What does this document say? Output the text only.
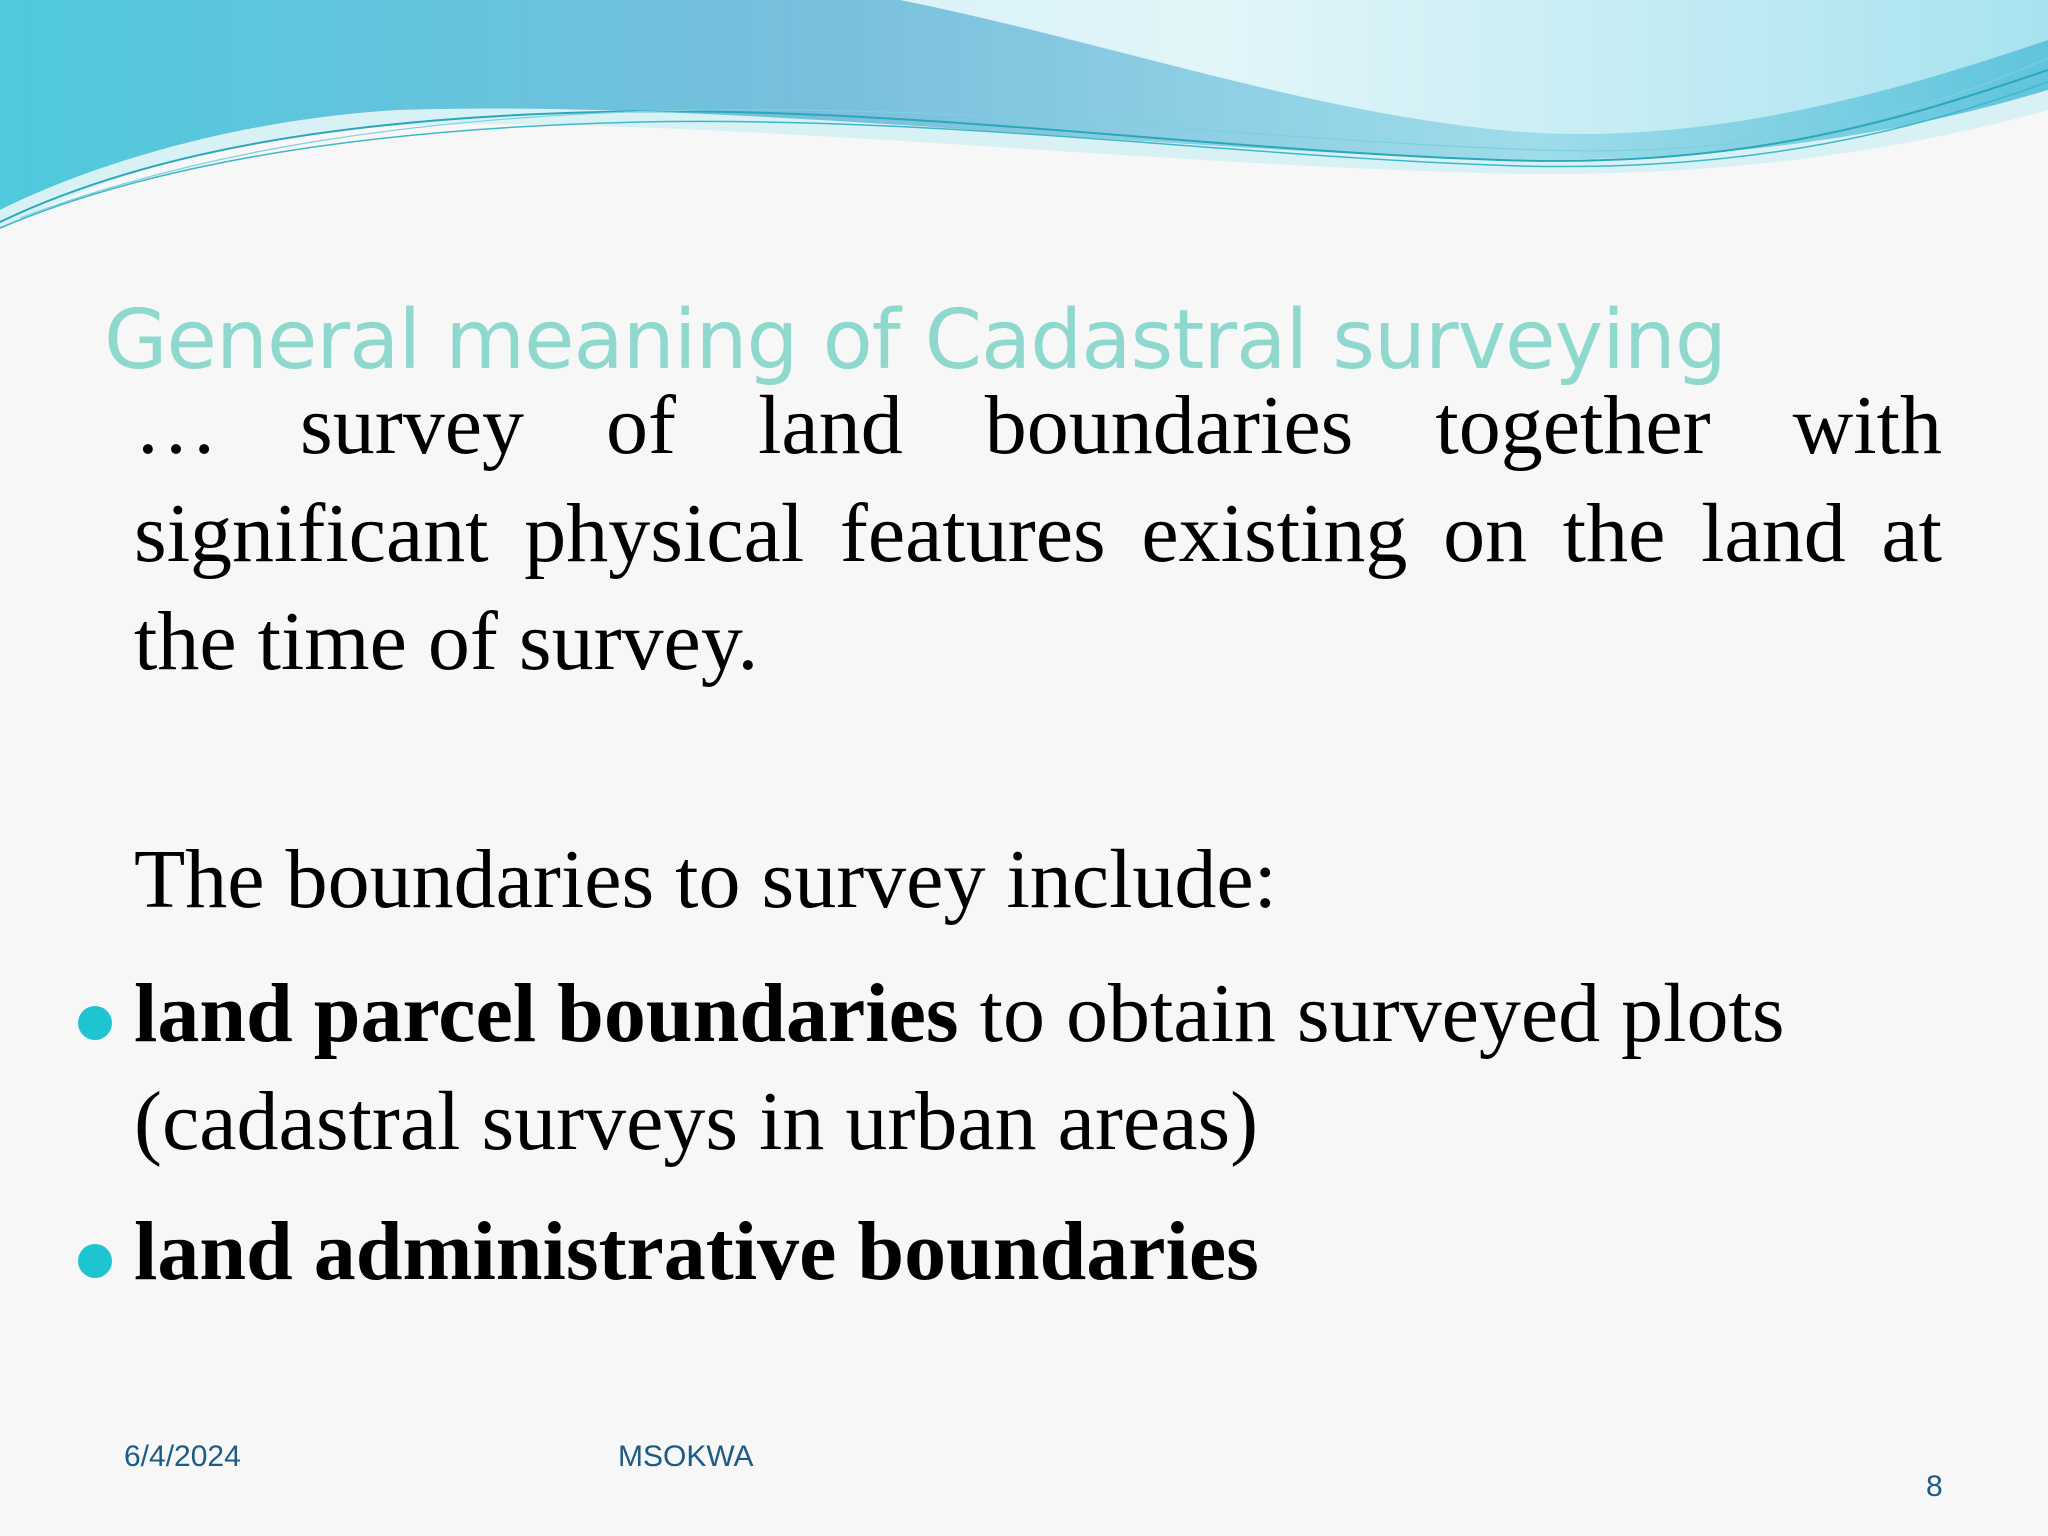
General meaning of Cadastral surveying

… survey of land boundaries together with significant physical features existing on the land at the time of survey.

The boundaries to survey include:

land parcel boundaries to obtain surveyed plots (cadastral surveys in urban areas)
land administrative boundaries
6/4/2024	MSOKWA
8
